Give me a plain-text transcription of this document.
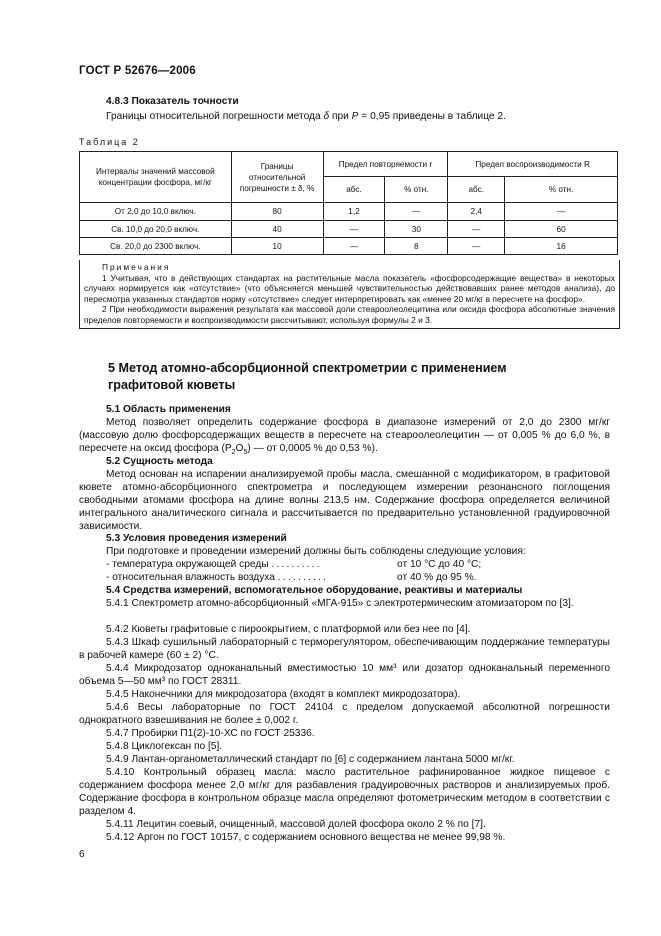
ГОСТ Р 52676—2006
4.8.3 Показатель точности
Границы относительной погрешности метода δ при P = 0,95 приведены в таблице 2.
Таблица 2
Интервалы значений массовой концентрации фосфора, мг/кг	Границы относительной погрешности ± δ, %	Предел повторяемости r		Предел воспроизводимости R	
		абс.	% отн.	абс.	% отн.
От 2,0 до 10,0 включ.	80	1,2	—	2,4	—
Св. 10,0 до 20,0 включ.	40	—	30	—	60
Св. 20,0 до 2300 включ.	10	—	8	—	16
Примечания
1 Учитывая, что в действующих стандартах на растительные масла показатель «фосфорсодержащие вещества» в некоторых случаях нормируется как «отсутствие» (что объясняется меньшей чувствительностью действовавших ранее методов анализа), до пересмотра указанных стандартов норму «отсутствие» следует интерпретировать как «менее 20 мг/кг в пересчете на фосфор».
2 При необходимости выражения результата как массовой доли стеароолеолецитина или оксида фосфора абсолютные значения пределов повторяемости и воспроизводимости рассчитывают, используя формулы 2 и 3.
5 Метод атомно-абсорбционной спектрометрии с применением графитовой кюветы
5.1 Область применения
Метод позволяет определить содержание фосфора в диапазоне измерений от 2,0 до 2300 мг/кг (массовую долю фосфорсодержащих веществ в пересчете на стеароолеолецитин — от 0,005 % до 6,0 %, в пересчете на оксид фосфора $(P_2O_5)$ — от 0,0005 % до 0,53 %).
5.2 Сущность метода
Метод основан на испарении анализируемой пробы масла, смешанной с модификатором, в графитовой кювете атомно-абсорбционного спектрометра и последующем измерении резонансного поглощения свободными атомами фосфора на длине волны 213,5 нм. Содержание фосфора определяется величиной интегрального аналитического сигнала и рассчитывается по предварительно установленной градуировочной зависимости.
5.3 Условия проведения измерений
При подготовке и проведении измерений должны быть соблюдены следующие условия:
- температура окружающей среды ..........	от 10 °С до 40 °С;
- относительная влажность воздуха ..........	от 40 % до 95 %.
5.4 Средства измерений, вспомогательное оборудование, реактивы и материалы
5.4.1 Спектрометр атомно-абсорбционный «МГА-915» с электротермическим атомизатором по [3].
5.4.2 Кюветы графитовые с пироокрытием, с платформой или без нее по [4].
5.4.3 Шкаф сушильный лабораторный с терморегулятором, обеспечивающим поддержание температуры в рабочей камере (60 ± 2) °С.
5.4.4 Микродозатор одноканальный вместимостью 10 мм³ или дозатор одноканальный переменного объема 5—50 мм³ по ГОСТ 28311.
5.4.5 Наконечники для микродозатора (входят в комплект микродозатора).
5.4.6 Весы лабораторные по ГОСТ 24104 с пределом допускаемой абсолютной погрешности однократного взвешивания не более ± 0,002 г.
5.4.7 Пробирки П1(2)-10-ХС по ГОСТ 25336.
5.4.8 Циклогексан по [5].
5.4.9 Лантан-органометаллический стандарт по [6] с содержанием лантана 5000 мг/кг.
5.4.10 Контрольный образец масла: масло растительное рафинированное жидкое пищевое с содержанием фосфора менее 2,0 мг/кг для разбавления градуировочных растворов и анализируемых проб. Содержание фосфора в контрольном образце масла определяют фотометрическим методом в соответствии с разделом 4.
5.4.11 Лецитин соевый, очищенный, массовой долей фосфора около 2 % по [7].
5.4.12 Аргон по ГОСТ 10157, с содержанием основного вещества не менее 99,98 %.
6
